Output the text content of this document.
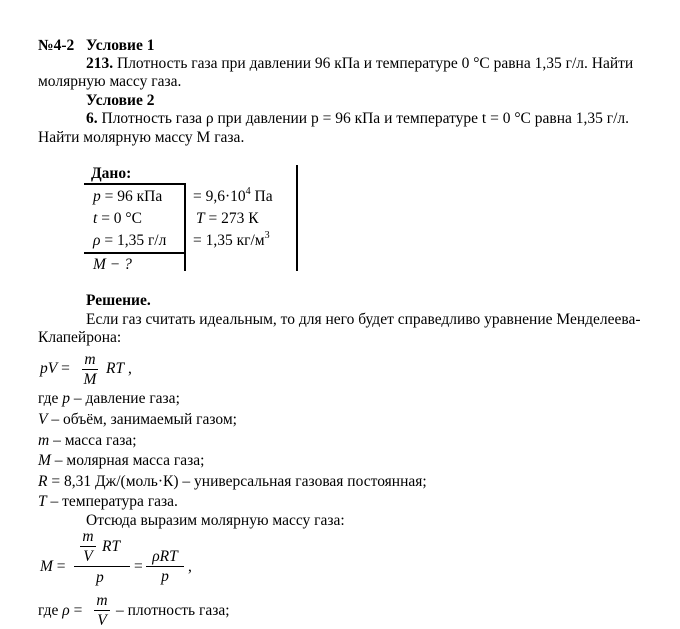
№4-2 Условие 1
213. Плотность газа при давлении 96 кПа и температуре 0 °С равна 1,35 г/л. Найти
молярную массу газа.
Условие 2
6. Плотность газа ρ при давлении p = 96 кПа и температуре t = 0 °С равна 1,35 г/л.
Найти молярную массу М газа.
Дано:
p = 96 кПа
t = 0 °С
ρ = 1,35 г/л
M − ?
= $9,6\cdot 10^4$ Па
T = 273 К
= 1,35 $кг/м^3$
Решение.
Если газ считать идеальным, то для него будет справедливо уравнение Менделеева-
Клапейрона:
pV =
m
M
RT ,
где p – давление газа;
V – объём, занимаемый газом;
m – масса газа;
M – молярная масса газа;
R = 8,31 Дж/(моль·К) – универсальная газовая постоянная;
T – температура газа.
Отсюда выразим молярную массу газа:
M =
m
V
RT
p
=
ρRT
p
,
где ρ =
m
V
– плотность газа;
